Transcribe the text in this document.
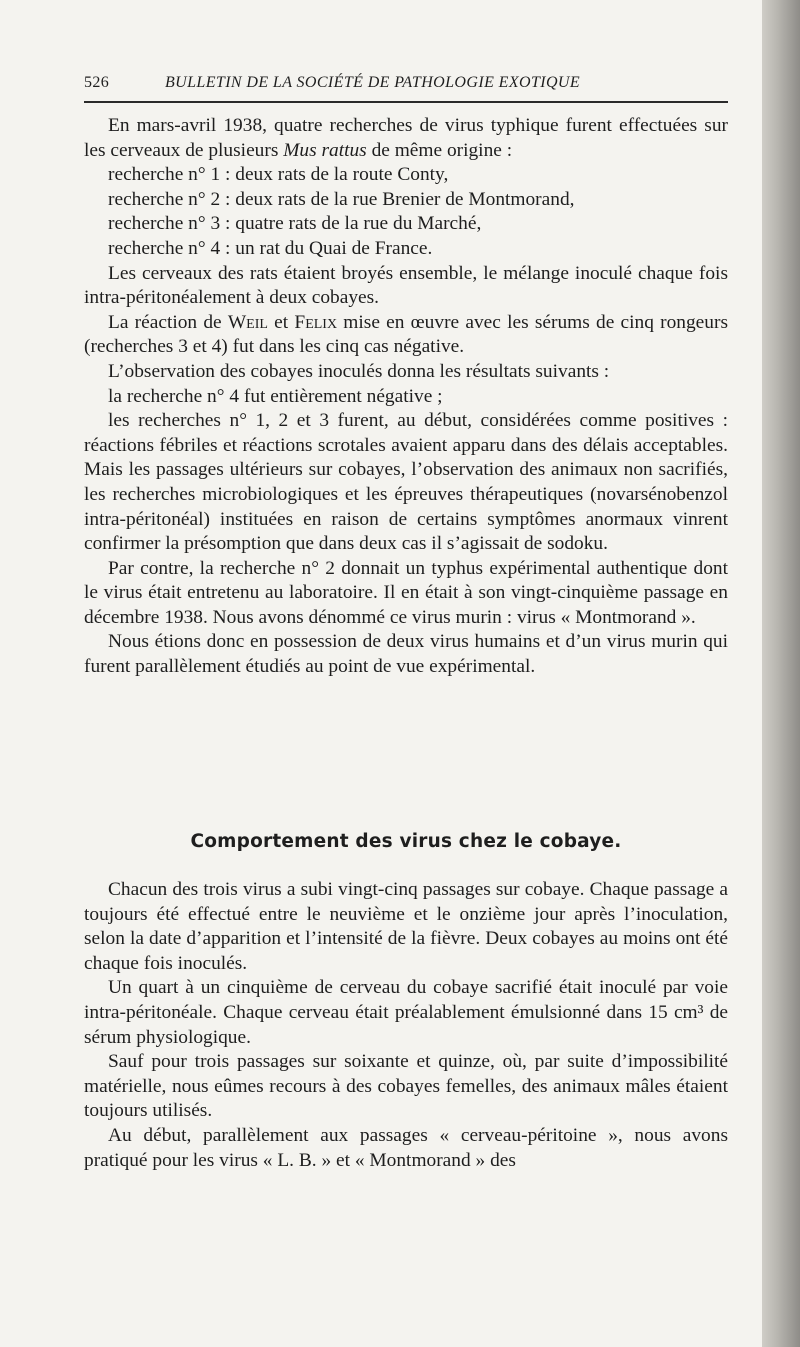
526	BULLETIN DE LA SOCIÉTÉ DE PATHOLOGIE EXOTIQUE

En mars-avril 1938, quatre recherches de virus typhique furent effectuées sur les cerveaux de plusieurs Mus rattus de même origine :

recherche n° 1 : deux rats de la route Conty,

recherche n° 2 : deux rats de la rue Brenier de Montmorand,

recherche n° 3 : quatre rats de la rue du Marché,

recherche n° 4 : un rat du Quai de France.

Les cerveaux des rats étaient broyés ensemble, le mélange inoculé chaque fois intra-péritonéalement à deux cobayes.

La réaction de Weil et Felix mise en œuvre avec les sérums de cinq rongeurs (recherches 3 et 4) fut dans les cinq cas négative.

L’observation des cobayes inoculés donna les résultats suivants :

la recherche n° 4 fut entièrement négative ;

les recherches n° 1, 2 et 3 furent, au début, considérées comme positives : réactions fébriles et réactions scrotales avaient apparu dans des délais acceptables. Mais les passages ultérieurs sur cobayes, l’observation des animaux non sacrifiés, les recherches microbiologiques et les épreuves thérapeutiques (novarsénobenzol intra-péritonéal) instituées en raison de certains symptômes anormaux vinrent confirmer la présomption que dans deux cas il s’agissait de sodoku.

Par contre, la recherche n° 2 donnait un typhus expérimental authentique dont le virus était entretenu au laboratoire. Il en était à son vingt-cinquième passage en décembre 1938. Nous avons dénommé ce virus murin : virus « Montmorand ».

Nous étions donc en possession de deux virus humains et d’un virus murin qui furent parallèlement étudiés au point de vue expérimental.

Comportement des virus chez le cobaye.

Chacun des trois virus a subi vingt-cinq passages sur cobaye. Chaque passage a toujours été effectué entre le neuvième et le onzième jour après l’inoculation, selon la date d’apparition et l’intensité de la fièvre. Deux cobayes au moins ont été chaque fois inoculés.

Un quart à un cinquième de cerveau du cobaye sacrifié était inoculé par voie intra-péritonéale. Chaque cerveau était préalablement émulsionné dans 15 cm³ de sérum physiologique.

Sauf pour trois passages sur soixante et quinze, où, par suite d’impossibilité matérielle, nous eûmes recours à des cobayes femelles, des animaux mâles étaient toujours utilisés.

Au début, parallèlement aux passages « cerveau-péritoine », nous avons pratiqué pour les virus « L. B. » et « Montmorand » des
